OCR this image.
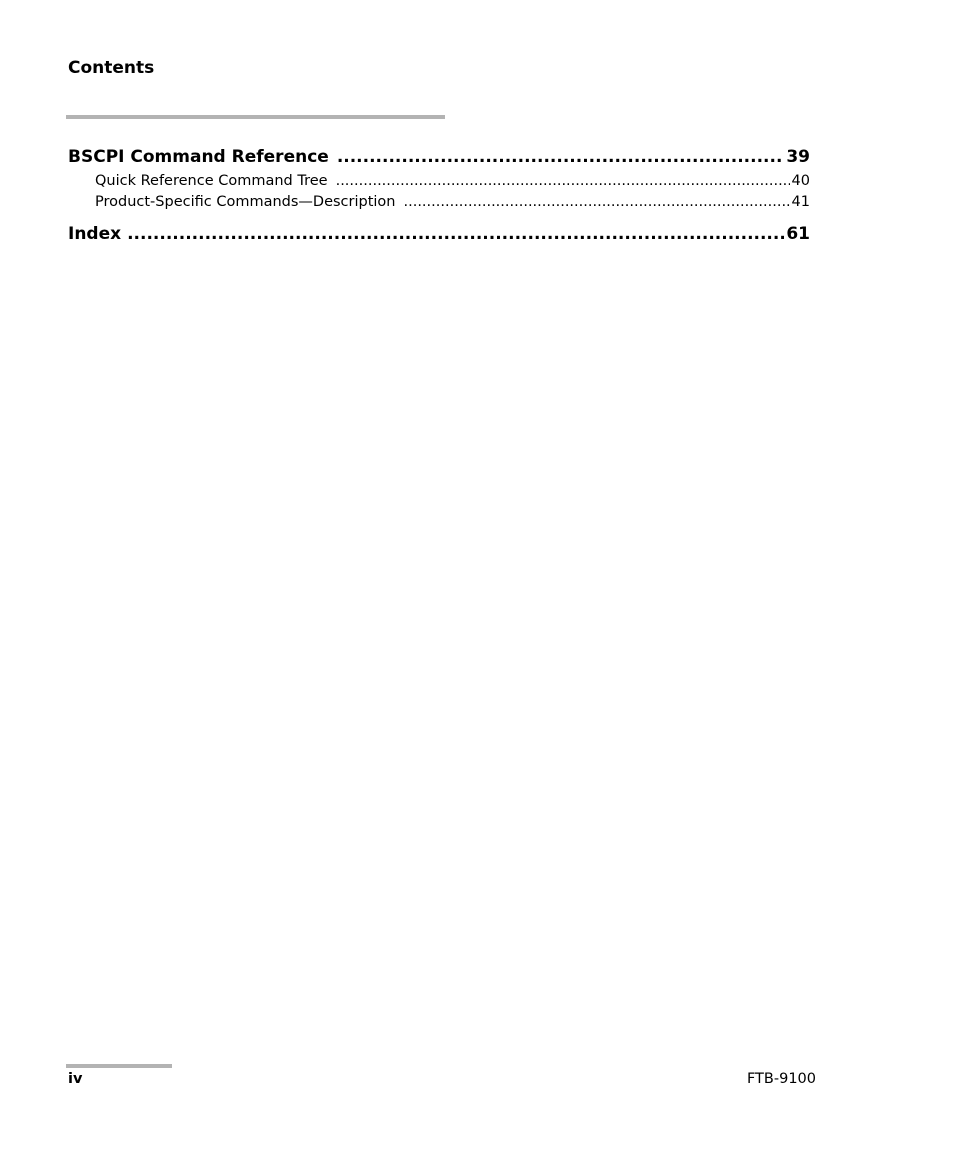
Contents
B SCPI Command Reference .....	39
Quick Reference Command Tree .....	40
Product-Specific Commands—Description .....	41
Index .....	61
iv	FTB-9100
